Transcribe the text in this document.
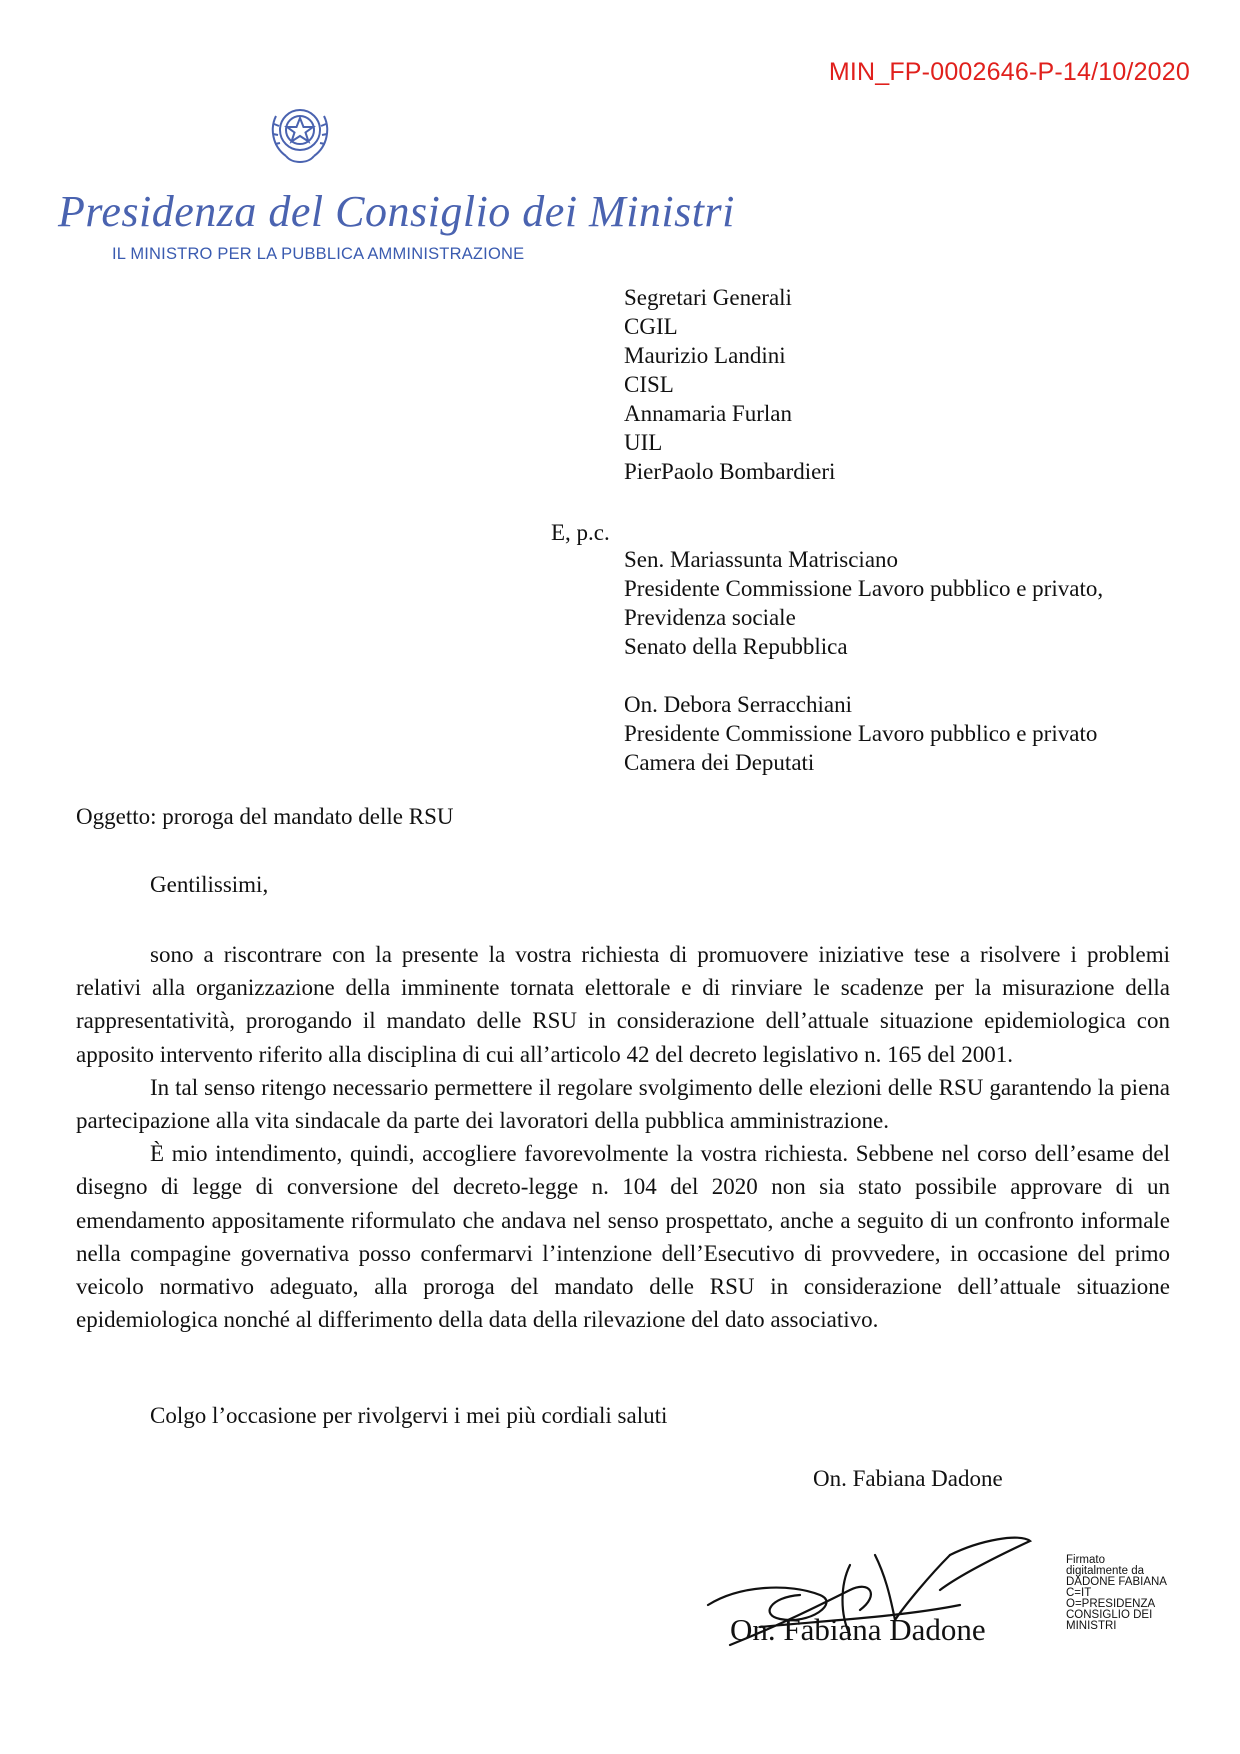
MIN_FP-0002646-P-14/10/2020
Presidenza del Consiglio dei Ministri
IL MINISTRO PER LA PUBBLICA AMMINISTRAZIONE
Segretari Generali
CGIL
Maurizio Landini
CISL
Annamaria Furlan
UIL
PierPaolo Bombardieri
E, p.c.
Sen. Mariassunta Matrisciano
Presidente Commissione Lavoro pubblico e privato,
Previdenza sociale
Senato della Repubblica
On. Debora Serracchiani
Presidente Commissione Lavoro pubblico e privato
Camera dei Deputati
Oggetto: proroga del mandato delle RSU
Gentilissimi,

sono a riscontrare con la presente la vostra richiesta di promuovere iniziative tese a risolvere i problemi relativi alla organizzazione della imminente tornata elettorale e di rinviare le scadenze per la misurazione della rappresentatività, prorogando il mandato delle RSU in considerazione dell’attuale situazione epidemiologica con apposito intervento riferito alla disciplina di cui all’articolo 42 del decreto legislativo n. 165 del 2001.

In tal senso ritengo necessario permettere il regolare svolgimento delle elezioni delle RSU garantendo la piena partecipazione alla vita sindacale da parte dei lavoratori della pubblica amministrazione.

È mio intendimento, quindi, accogliere favorevolmente la vostra richiesta. Sebbene nel corso dell’esame del disegno di legge di conversione del decreto-legge n. 104 del 2020 non sia stato possibile approvare di un emendamento appositamente riformulato che andava nel senso prospettato, anche a seguito di un confronto informale nella compagine governativa posso confermarvi l’intenzione dell’Esecutivo di provvedere, in occasione del primo veicolo normativo adeguato, alla proroga del mandato delle RSU in considerazione dell’attuale situazione epidemiologica nonché al differimento della data della rilevazione del dato associativo.

Colgo l’occasione per rivolgervi i mei più cordiali saluti
On. Fabiana Dadone
On. Fabiana Dadone
Firmato
digitalmente da
DADONE FABIANA
C=IT
O=PRESIDENZA
CONSIGLIO DEI
MINISTRI
